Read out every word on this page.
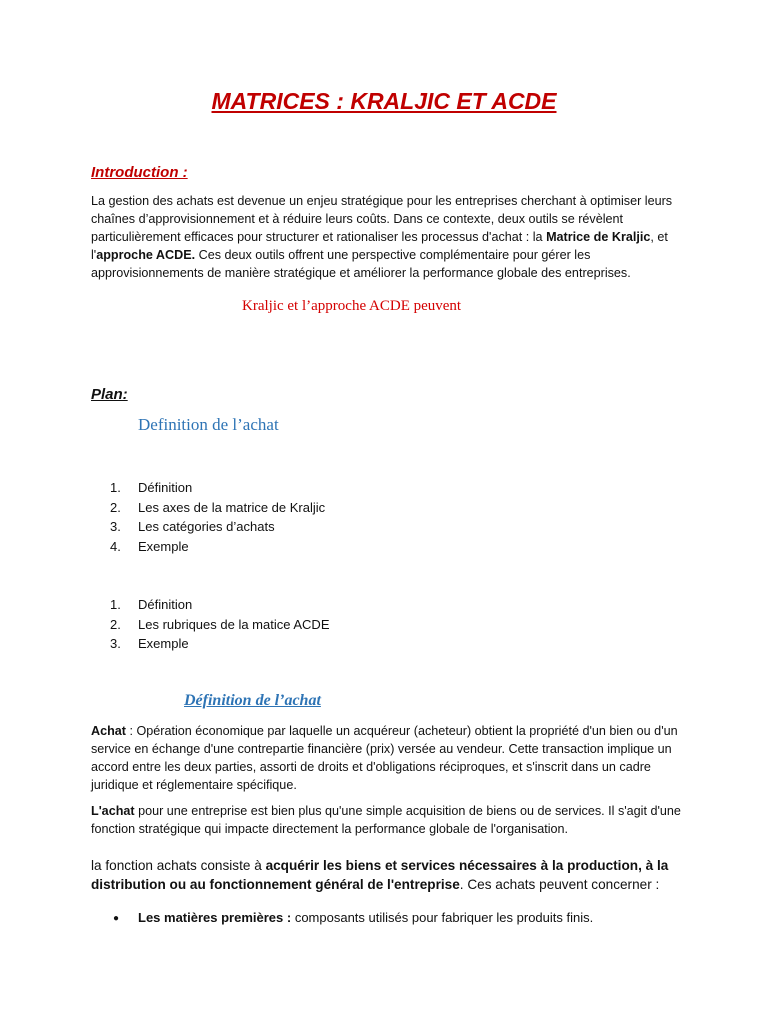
MATRICES : KRALJIC ET ACDE
Introduction :

La gestion des achats est devenue un enjeu stratégique pour les entreprises cherchant à optimiser leurs chaînes d’approvisionnement et à réduire leurs coûts. Dans ce contexte, deux outils se révèlent particulièrement efficaces pour structurer et rationaliser les processus d'achat : la Matrice de Kraljic, et l'approche ACDE. Ces deux outils offrent une perspective complémentaire pour gérer les approvisionnements de manière stratégique et améliorer la performance globale des entreprises.

Kraljic et l’approche ACDE peuvent
Plan:
Definition de l’achat
1.	Définition
2.	Les axes de la matrice de Kraljic
3.	Les catégories d’achats
4.	Exemple
1.	Définition
2.	Les rubriques de la matice ACDE
3.	Exemple
Définition de l’achat

Achat : Opération économique par laquelle un acquéreur (acheteur) obtient la propriété d'un bien ou d'un service en échange d'une contrepartie financière (prix) versée au vendeur. Cette transaction implique un accord entre les deux parties, assorti de droits et d'obligations réciproques, et s'inscrit dans un cadre juridique et réglementaire spécifique.

L'achat pour une entreprise est bien plus qu'une simple acquisition de biens ou de services. Il s'agit d'une fonction stratégique qui impacte directement la performance globale de l'organisation.

la fonction achats consiste à acquérir les biens et services nécessaires à la production, à la distribution ou au fonctionnement général de l'entreprise. Ces achats peuvent concerner :

●	Les matières premières : composants utilisés pour fabriquer les produits finis.
